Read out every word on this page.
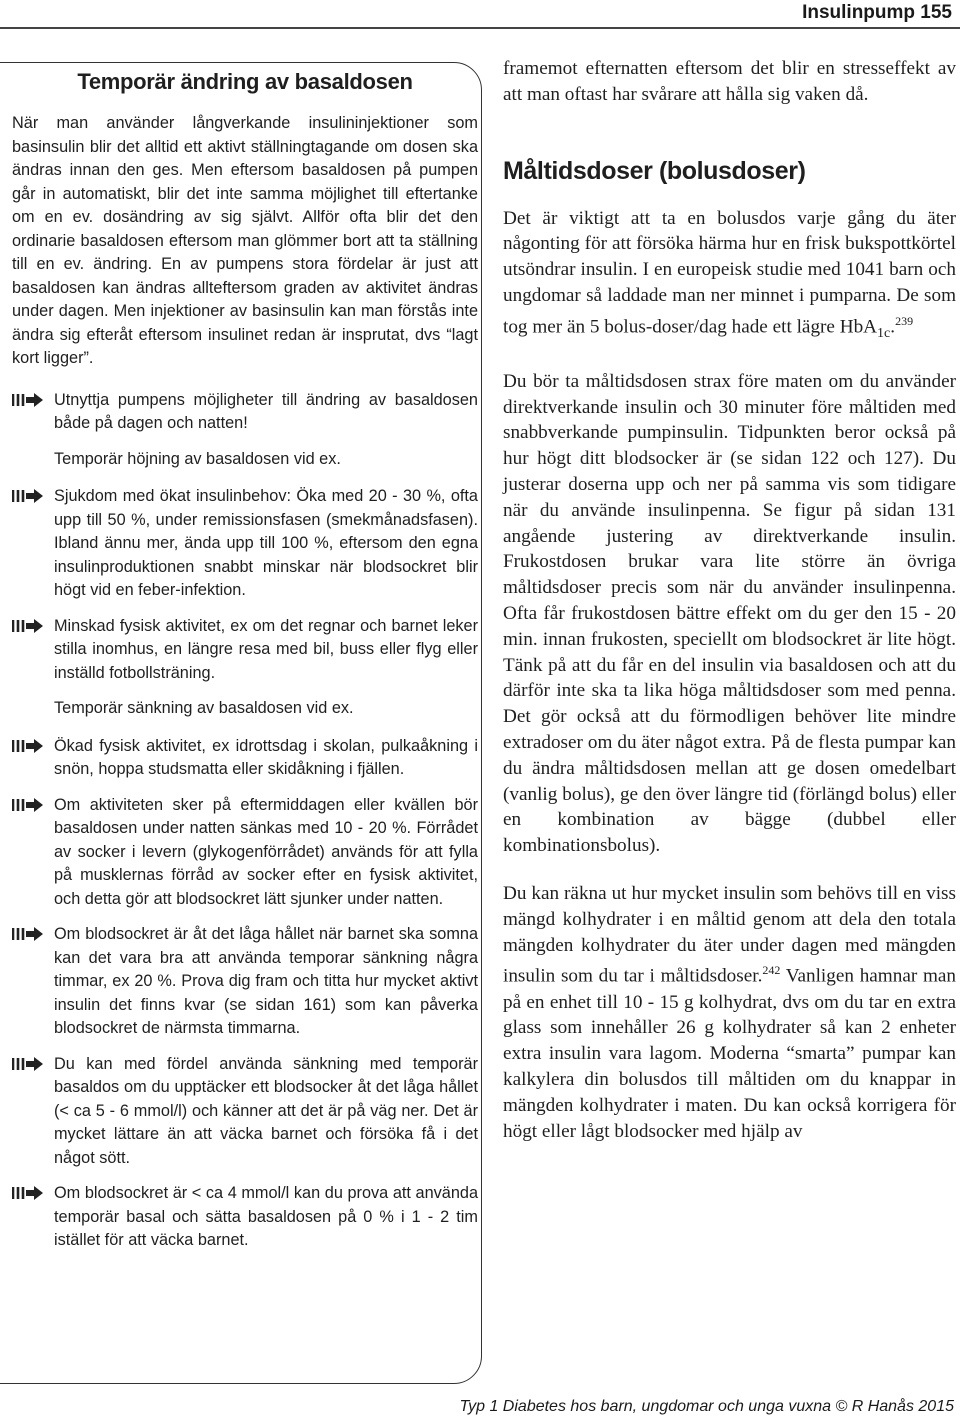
Insulinpump 155
Temporär ändring av basaldosen

När man använder långverkande insulininjektioner som basinsulin blir det alltid ett aktivt ställningtagande om dosen ska ändras innan den ges. Men eftersom basaldosen på pumpen går in automatiskt, blir det inte samma möjlighet till eftertanke om en ev. dosändring av sig självt. Allför ofta blir det den ordinarie basaldosen eftersom man glömmer bort att ta ställning till en ev. ändring. En av pumpens stora fördelar är just att basaldosen kan ändras allteftersom graden av aktivitet ändras under dagen. Men injektioner av basinsulin kan man förstås inte ändra sig efteråt eftersom insulinet redan är insprutat, dvs “lagt kort ligger”.

Utnyttja pumpens möjligheter till ändring av basaldosen både på dagen och natten!

Temporär höjning av basaldosen vid ex.

Sjukdom med ökat insulinbehov: Öka med 20 - 30 %, ofta upp till 50 %, under remissionsfasen (smekmånadsfasen). Ibland ännu mer, ända upp till 100 %, eftersom den egna insulinproduktionen snabbt minskar när blodsockret blir högt vid en feber-infektion.
Minskad fysisk aktivitet, ex om det regnar och barnet leker stilla inomhus, en längre resa med bil, buss eller flyg eller inställd fotbollsträning.

Temporär sänkning av basaldosen vid ex.

Ökad fysisk aktivitet, ex idrottsdag i skolan, pulkaåkning i snön, hoppa studsmatta eller skidåkning i fjällen.
Om aktiviteten sker på eftermiddagen eller kvällen bör basaldosen under natten sänkas med 10 - 20 %. Förrådet av socker i levern (glykogenförrådet) används för att fylla på musklernas förråd av socker efter en fysisk aktivitet, och detta gör att blodsockret lätt sjunker under natten.
Om blodsockret är åt det låga hållet när barnet ska somna kan det vara bra att använda temporar sänkning några timmar, ex 20 %. Prova dig fram och titta hur mycket aktivt insulin det finns kvar (se sidan 161) som kan påverka blodsockret de närmsta timmarna.
Du kan med fördel använda sänkning med temporär basaldos om du upptäcker ett blodsocker åt det låga hållet (< ca 5 - 6 mmol/l) och känner att det är på väg ner. Det är mycket lättare än att väcka barnet och försöka få i det något sött.
Om blodsockret är < ca 4 mmol/l kan du prova att använda temporär basal och sätta basaldosen på 0 % i 1 - 2 tim istället för att väcka barnet.

framemot efternatten eftersom det blir en stresseffekt av att man oftast har svårare att hålla sig vaken då.

Måltidsdoser (bolusdoser)

Det är viktigt att ta en bolusdos varje gång du äter någonting för att försöka härma hur en frisk bukspottkörtel utsöndrar insulin. I en europeisk studie med 1041 barn och ungdomar så laddade man ner minnet i pumparna. De som tog mer än 5 bolus-doser/dag hade ett lägre HbA$_{1c}$.$^{239}$

Du bör ta måltidsdosen strax före maten om du använder direktverkande insulin och 30 minuter före måltiden med snabbverkande pumpinsulin. Tidpunkten beror också på hur högt ditt blodsocker är (se sidan 122 och 127). Du justerar doserna upp och ner på samma vis som tidigare när du använde insulinpenna. Se figur på sidan 131 angående justering av direktverkande insulin. Frukostdosen brukar vara lite större än övriga måltidsdoser precis som när du använder insulinpenna. Ofta får frukostdosen bättre effekt om du ger den 15 - 20 min. innan frukosten, speciellt om blodsockret är lite högt. Tänk på att du får en del insulin via basaldosen och att du därför inte ska ta lika höga måltidsdoser som med penna. Det gör också att du förmodligen behöver lite mindre extradoser om du äter något extra. På de flesta pumpar kan du ändra måltidsdosen mellan att ge dosen omedelbart (vanlig bolus), ge den över längre tid (förlängd bolus) eller en kombination av bägge (dubbel eller kombinationsbolus).

Du kan räkna ut hur mycket insulin som behövs till en viss mängd kolhydrater i en måltid genom att dela den totala mängden kolhydrater du äter under dagen med mängden insulin som du tar i måltidsdoser.$^{242}$ Vanligen hamnar man på en enhet till 10 - 15 g kolhydrat, dvs om du tar en extra glass som innehåller 26 g kolhydrater så kan 2 enheter extra insulin vara lagom. Moderna “smarta” pumpar kan kalkylera din bolusdos till måltiden om du knappar in mängden kolhydrater i maten. Du kan också korrigera för högt eller lågt blodsocker med hjälp av

Typ 1 Diabetes hos barn, ungdomar och unga vuxna © R Hanås 2015
